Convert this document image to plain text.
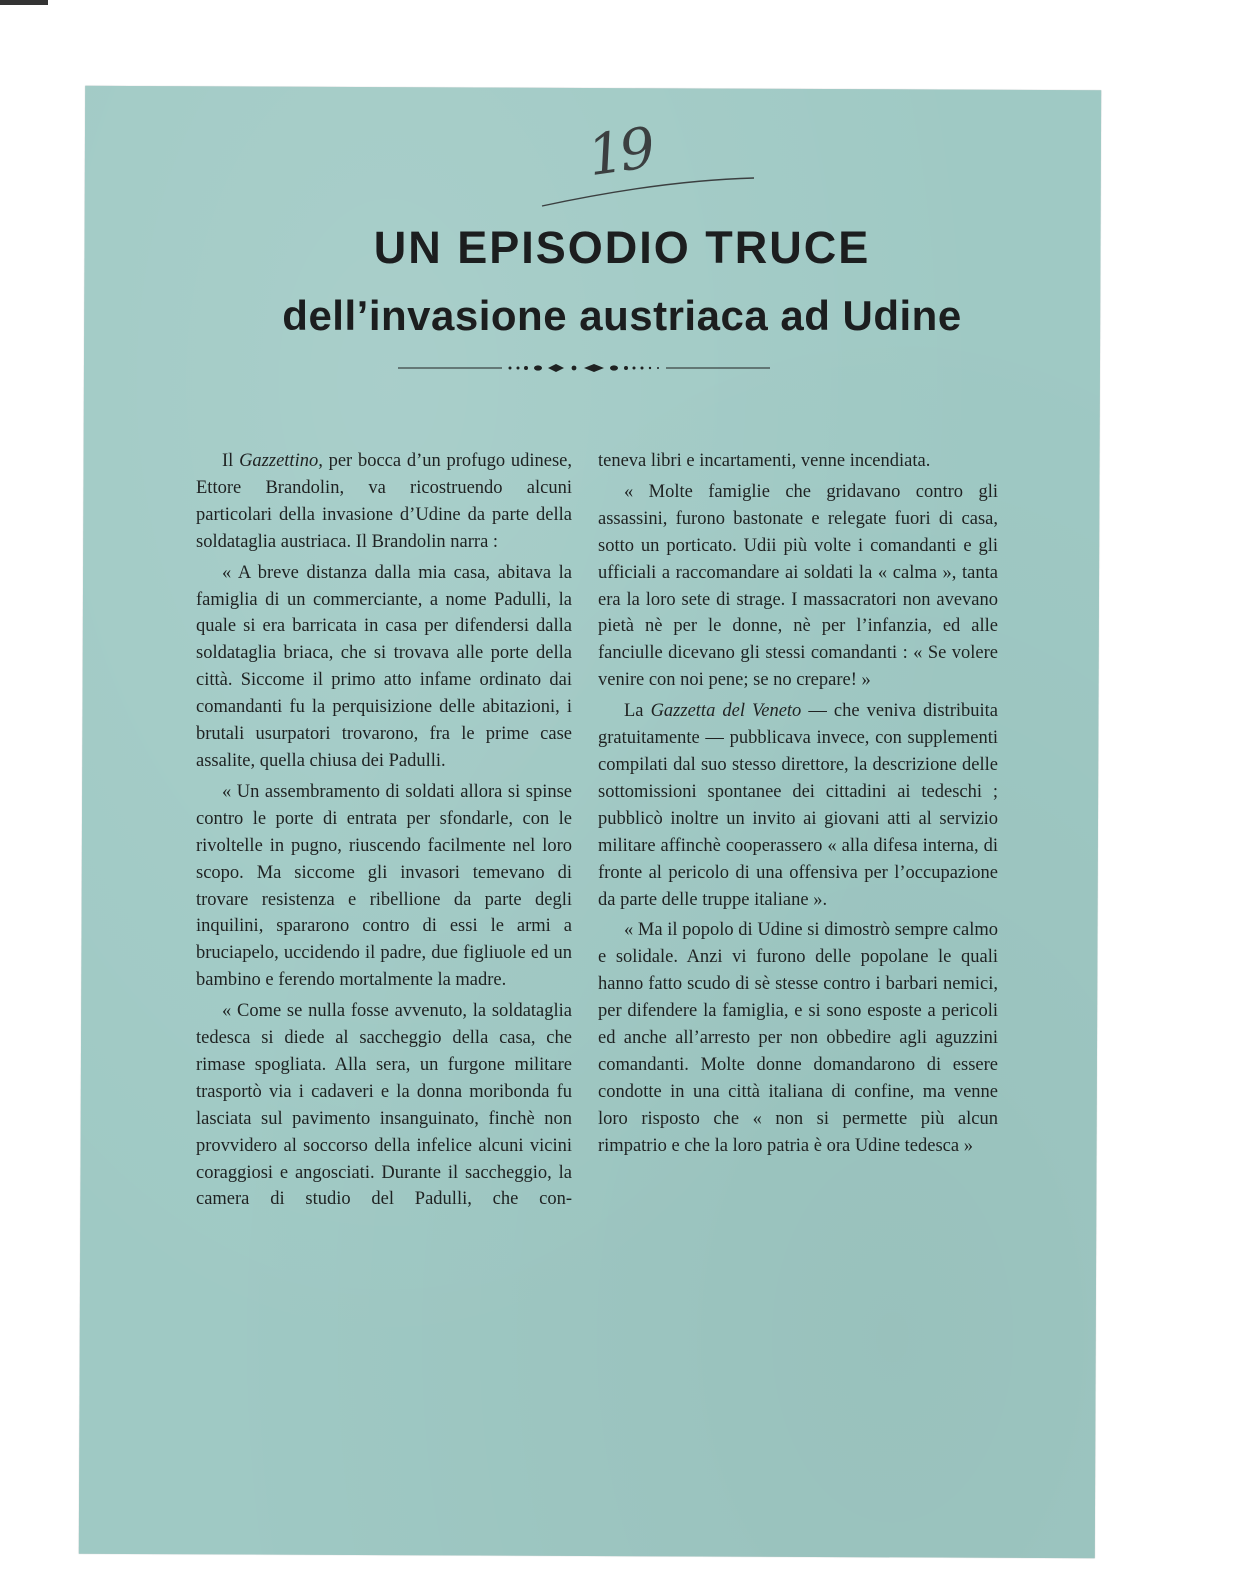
19
UN EPISODIO TRUCE
dell’invasione austriaca ad Udine

Il Gazzettino, per bocca d’un profugo udinese, Ettore Brandolin, va ricostruendo alcuni particolari della invasione d’Udine da parte della soldataglia austriaca. Il Brandolin narra :

« A breve distanza dalla mia casa, abitava la famiglia di un commerciante, a nome Padulli, la quale si era barricata in casa per difendersi dalla soldataglia briaca, che si trovava alle porte della città. Siccome il primo atto infame ordinato dai comandanti fu la perquisizione delle abitazioni, i brutali usurpatori trovarono, fra le prime case assalite, quella chiusa dei Padulli.

« Un assembramento di soldati allora si spinse contro le porte di entrata per sfondarle, con le rivoltelle in pugno, riuscendo facilmente nel loro scopo. Ma siccome gli invasori temevano di trovare resistenza e ribellione da parte degli inquilini, spararono contro di essi le armi a bruciapelo, uccidendo il padre, due figliuole ed un bambino e ferendo mortalmente la madre.

« Come se nulla fosse avvenuto, la soldataglia tedesca si diede al saccheggio della casa, che rimase spogliata. Alla sera, un furgone militare trasportò via i cadaveri e la donna moribonda fu lasciata sul pavimento insanguinato, finchè non provvidero al soccorso della infelice alcuni vicini coraggiosi e angosciati. Durante il saccheggio, la camera di studio del Padulli, che con-

teneva libri e incartamenti, venne incendiata.

« Molte famiglie che gridavano contro gli assassini, furono bastonate e relegate fuori di casa, sotto un porticato. Udii più volte i comandanti e gli ufficiali a raccomandare ai soldati la « calma », tanta era la loro sete di strage. I massacratori non avevano pietà nè per le donne, nè per l’infanzia, ed alle fanciulle dicevano gli stessi comandanti : « Se volere venire con noi pene; se no crepare! »

La Gazzetta del Veneto — che veniva distribuita gratuitamente — pubblicava invece, con supplementi compilati dal suo stesso direttore, la descrizione delle sottomissioni spontanee dei cittadini ai tedeschi ; pubblicò inoltre un invito ai giovani atti al servizio militare affinchè cooperassero « alla difesa interna, di fronte al pericolo di una offensiva per l’occupazione da parte delle truppe italiane ».

« Ma il popolo di Udine si dimostrò sempre calmo e solidale. Anzi vi furono delle popolane le quali hanno fatto scudo di sè stesse contro i barbari nemici, per difendere la famiglia, e si sono esposte a pericoli ed anche all’arresto per non obbedire agli aguzzini comandanti. Molte donne domandarono di essere condotte in una città italiana di confine, ma venne loro risposto che « non si permette più alcun rimpatrio e che la loro patria è ora Udine tedesca »
